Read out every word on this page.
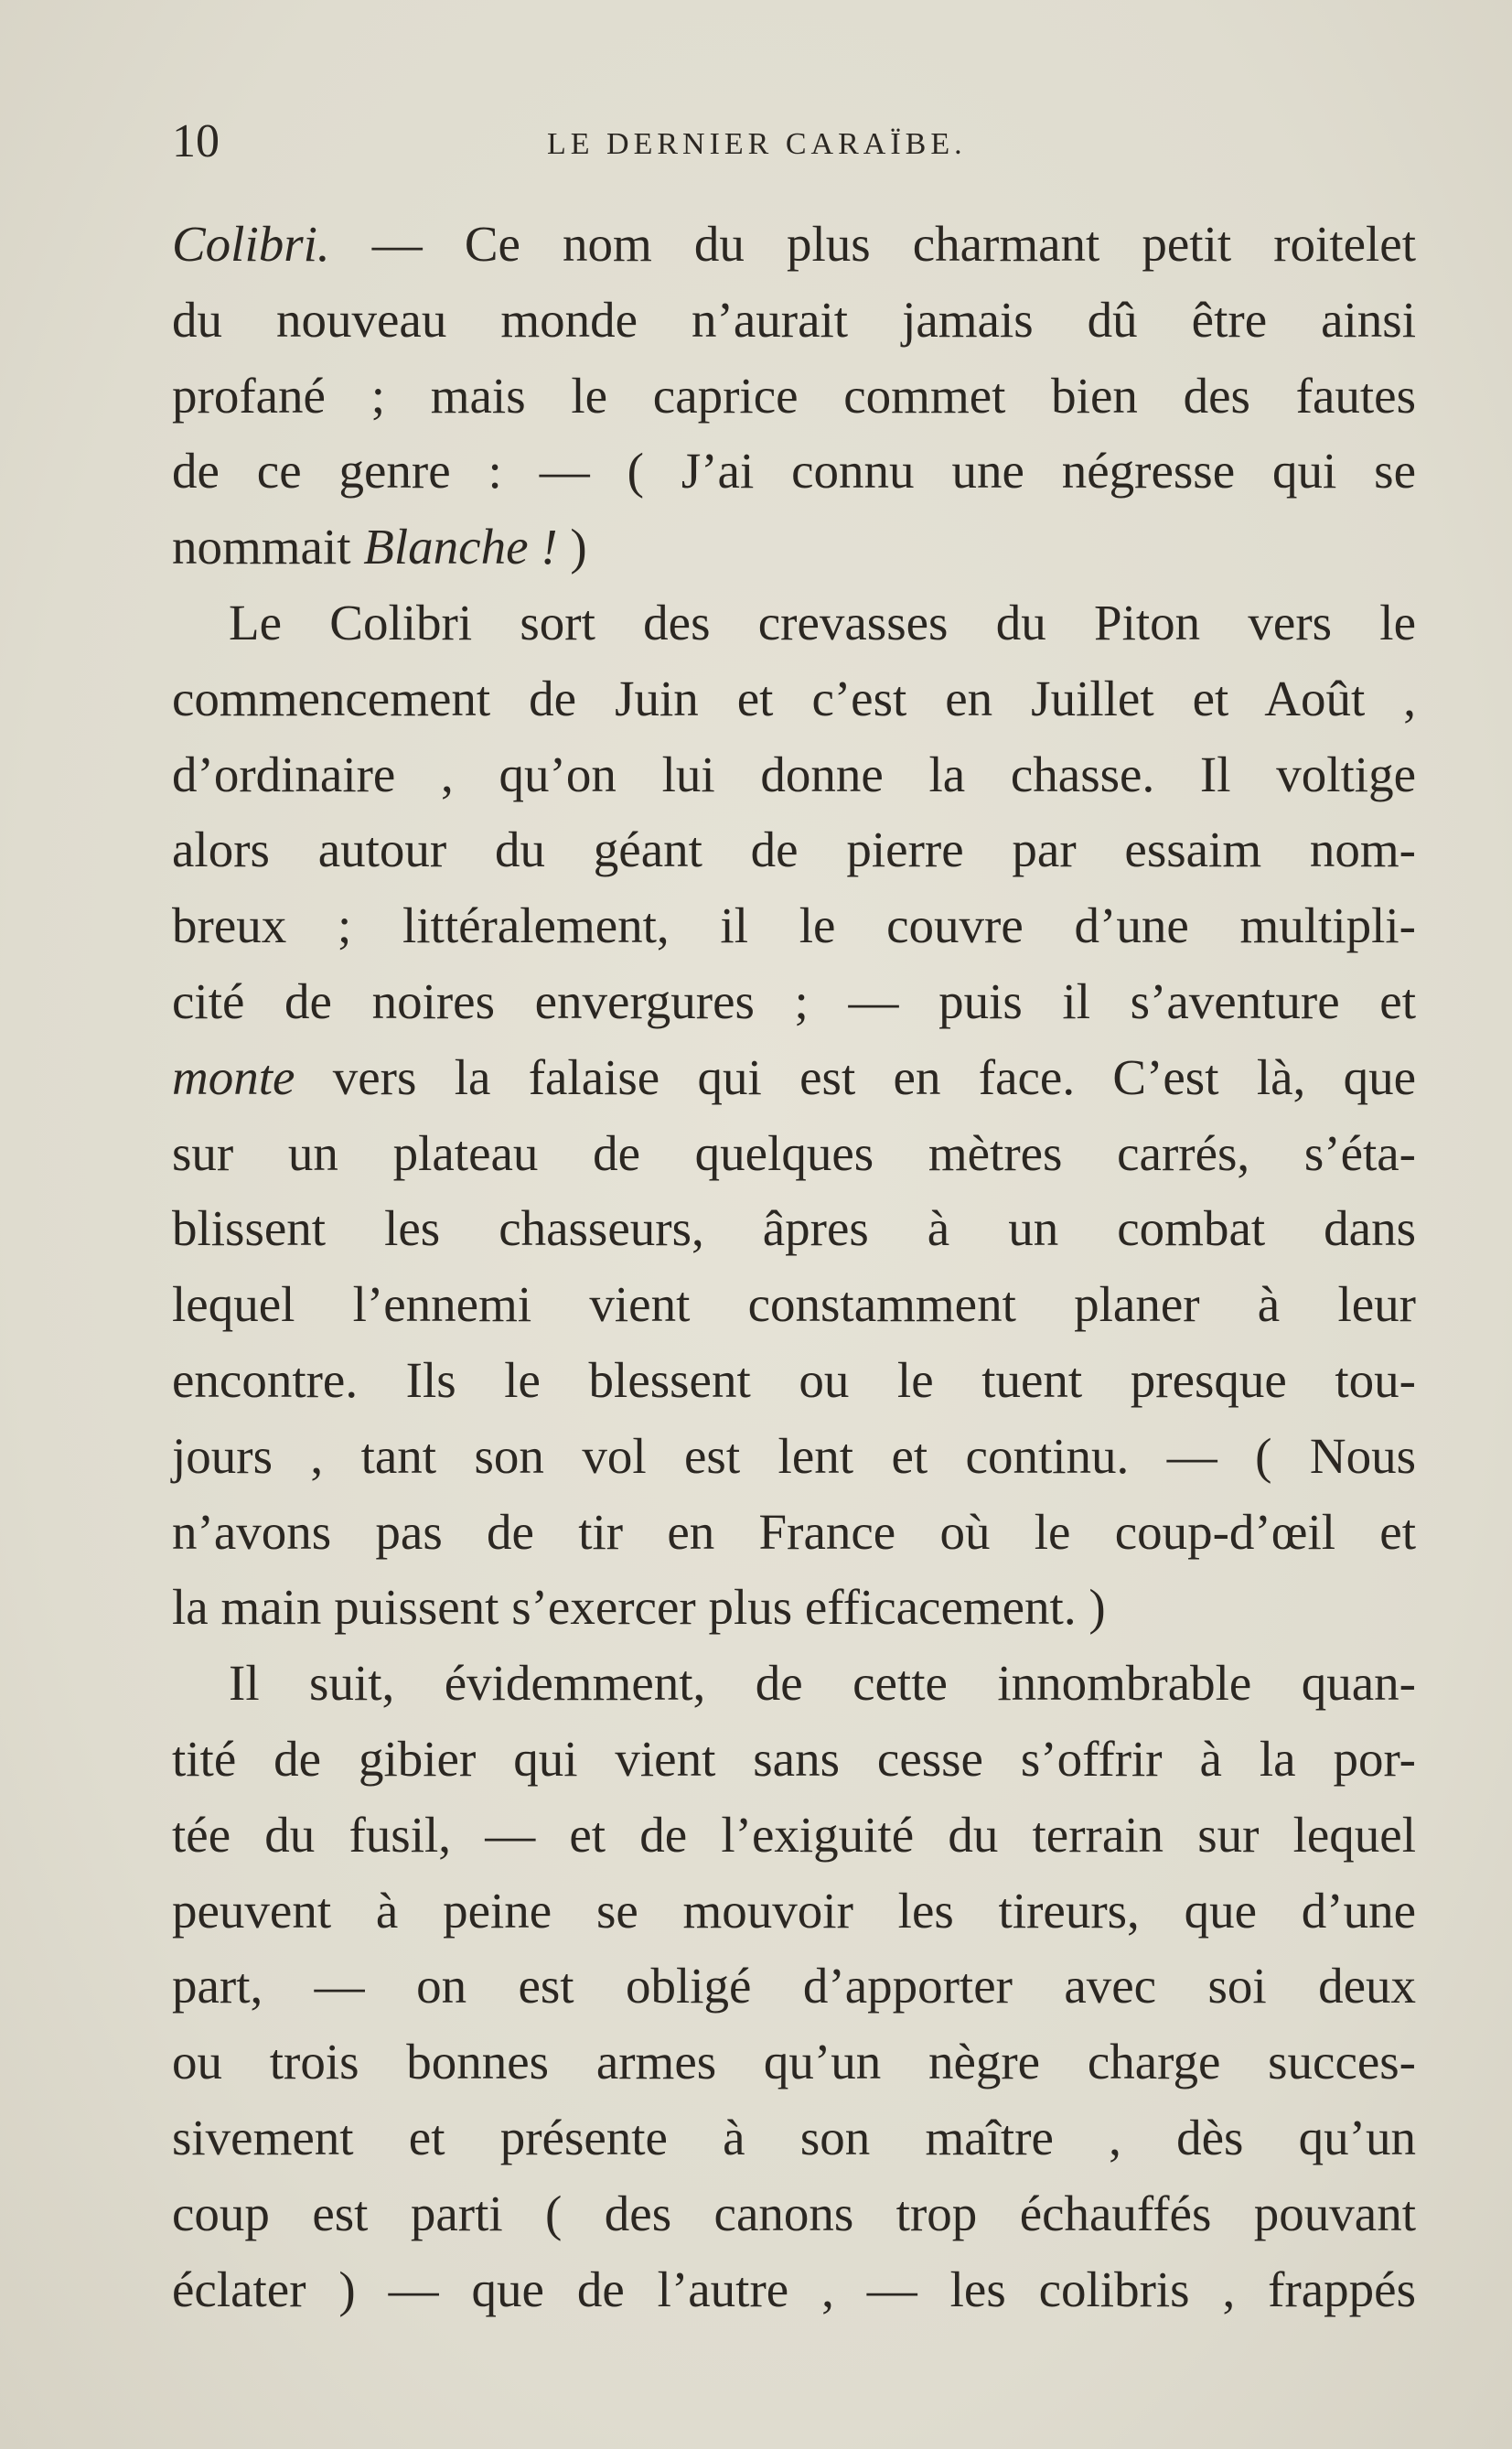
10	LE DERNIER CARAÏBE.
Colibri. — Ce nom du plus charmant petit roitelet
du nouveau monde n’aurait jamais dû être ainsi
profané ; mais le caprice commet bien des fautes
de ce genre : — ( J’ai connu une négresse qui se
nommait Blanche ! )
Le Colibri sort des crevasses du Piton vers le
commencement de Juin et c’est en Juillet et Août ,
d’ordinaire , qu’on lui donne la chasse. Il voltige
alors autour du géant de pierre par essaim nom-
breux ; littéralement, il le couvre d’une multipli-
cité de noires envergures ; — puis il s’aventure et
monte vers la falaise qui est en face. C’est là, que
sur un plateau de quelques mètres carrés, s’éta-
blissent les chasseurs, âpres à un combat dans
lequel l’ennemi vient constamment planer à leur
encontre. Ils le blessent ou le tuent presque tou-
jours , tant son vol est lent et continu. — ( Nous
n’avons pas de tir en France où le coup-d’œil et
la main puissent s’exercer plus efficacement. )
Il suit, évidemment, de cette innombrable quan-
tité de gibier qui vient sans cesse s’offrir à la por-
tée du fusil, — et de l’exiguité du terrain sur lequel
peuvent à peine se mouvoir les tireurs, que d’une
part, — on est obligé d’apporter avec soi deux
ou trois bonnes armes qu’un nègre charge succes-
sivement et présente à son maître , dès qu’un
coup est parti ( des canons trop échauffés pouvant
éclater ) — que de l’autre , — les colibris , frappés
